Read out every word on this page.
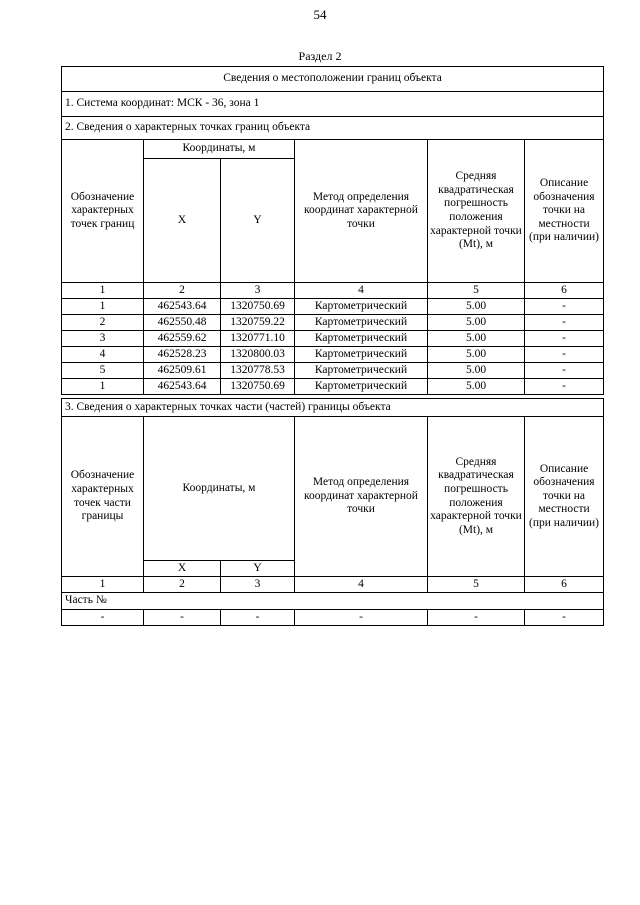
54
Раздел 2
Сведения о местоположении границ объекта					
1. Система координат: МСК - 36, зона 1					
2. Сведения о характерных точках границ объекта					
Обозначение характерных точек границ	Координаты, м		Метод определения координат характерной точки	Средняя квадратическая погрешность положения характерной точки (Mt), м	Описание обозначения точки на местности (при наличии)
	X	Y			
1	2	3	4	5	6
1	462543.64	1320750.69	Картометрический	5.00	-
2	462550.48	1320759.22	Картометрический	5.00	-
3	462559.62	1320771.10	Картометрический	5.00	-
4	462528.23	1320800.03	Картометрический	5.00	-
5	462509.61	1320778.53	Картометрический	5.00	-
1	462543.64	1320750.69	Картометрический	5.00	-
3. Сведения о характерных точках части (частей) границы объекта					
Обозначение характерных точек части границы	Координаты, м		Метод определения координат характерной точки	Средняя квадратическая погрешность положения характерной точки (Mt), м	Описание обозначения точки на местности (при наличии)
	X	Y			
1	2	3	4	5	6
Часть №					
-	-	-	-	-	-
